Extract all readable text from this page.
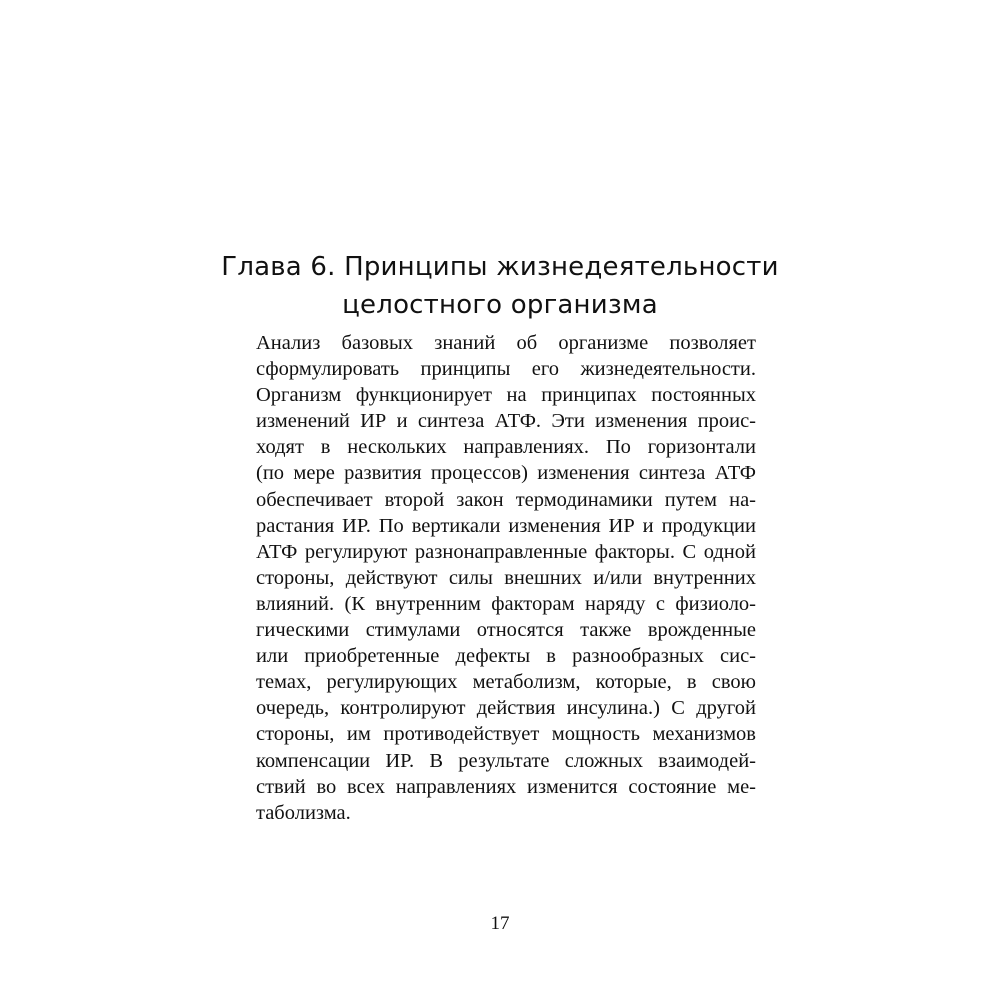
Глава 6. Принципы жизнедеятельности
целостного организма
Анализ базовых знаний об организме позволяет
сформулировать принципы его жизнедеятельности.
Организм функционирует на принципах постоянных
изменений ИР и синтеза АТФ. Эти изменения проис-
ходят в нескольких направлениях. По горизонтали
(по мере развития процессов) изменения синтеза АТФ
обеспечивает второй закон термодинамики путем на-
растания ИР. По вертикали изменения ИР и продукции
АТФ регулируют разнонаправленные факторы. С одной
стороны, действуют силы внешних и/или внутренних
влияний. (К внутренним факторам наряду с физиоло-
гическими стимулами относятся также врожденные
или приобретенные дефекты в разнообразных сис-
темах, регулирующих метаболизм, которые, в свою
очередь, контролируют действия инсулина.) С другой
стороны, им противодействует мощность механизмов
компенсации ИР. В результате сложных взаимодей-
ствий во всех направлениях изменится состояние ме-
таболизма.
17
